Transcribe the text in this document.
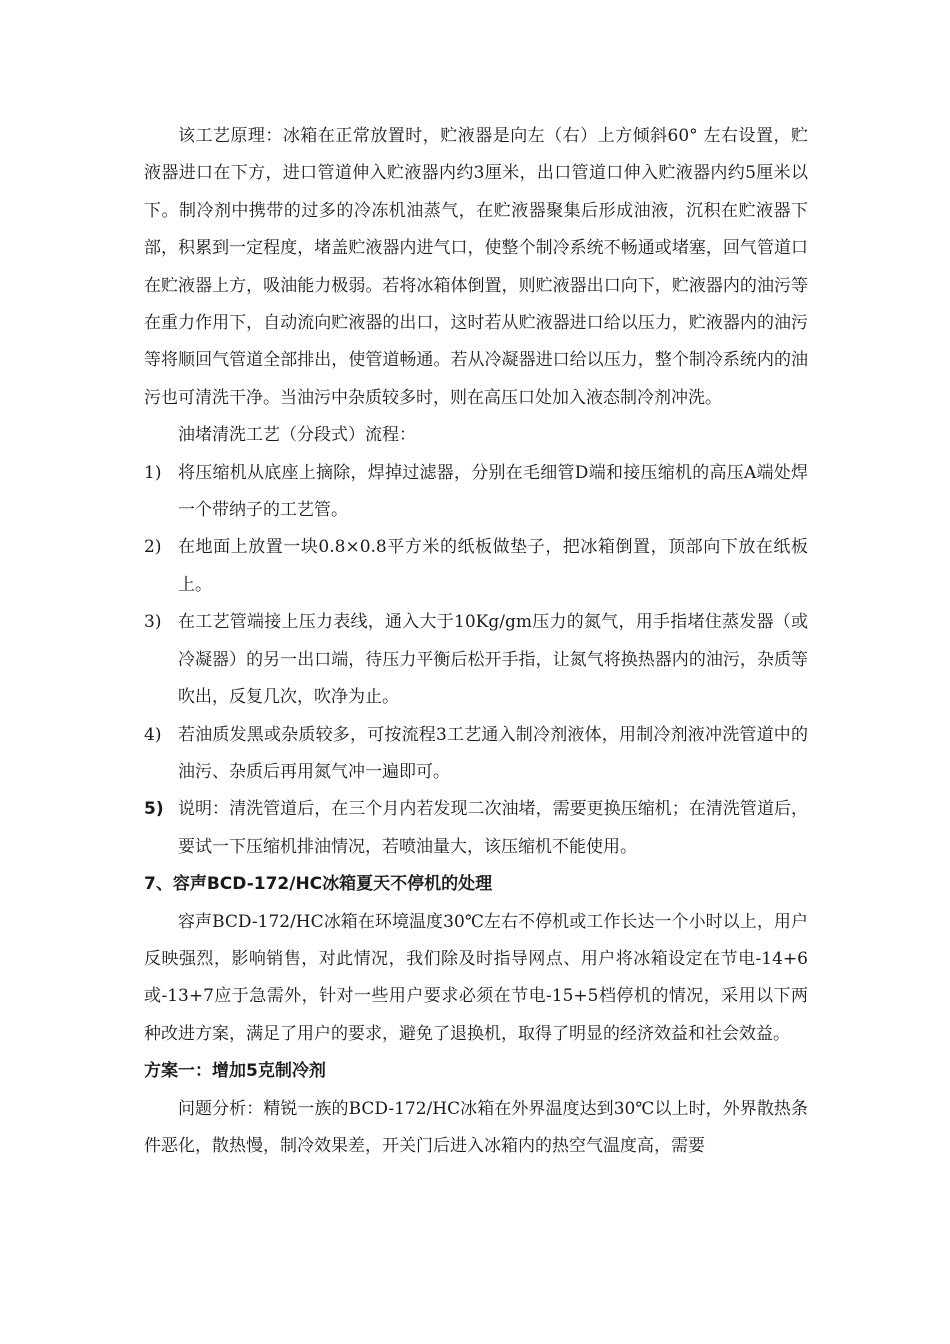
该工艺原理：冰箱在正常放置时，贮液器是向左（右）上方倾斜60° 左右设置，贮液器进口在下方，进口管道伸入贮液器内约3厘米，出口管道口伸入贮液器内约5厘米以下。制冷剂中携带的过多的冷冻机油蒸气，在贮液器聚集后形成油液，沉积在贮液器下部，积累到一定程度，堵盖贮液器内进气口，使整个制冷系统不畅通或堵塞，回气管道口在贮液器上方，吸油能力极弱。若将冰箱体倒置，则贮液器出口向下，贮液器内的油污等在重力作用下，自动流向贮液器的出口，这时若从贮液器进口给以压力，贮液器内的油污等将顺回气管道全部排出，使管道畅通。若从冷凝器进口给以压力，整个制冷系统内的油污也可清洗干净。当油污中杂质较多时，则在高压口处加入液态制冷剂冲洗。

油堵清洗工艺（分段式）流程：

1) 将压缩机从底座上摘除，焊掉过滤器，分别在毛细管D端和接压缩机的高压A端处焊一个带纳子的工艺管。
2) 在地面上放置一块0.8×0.8平方米的纸板做垫子，把冰箱倒置，顶部向下放在纸板上。
3) 在工艺管端接上压力表线，通入大于10Kg/gm压力的氮气，用手指堵住蒸发器（或冷凝器）的另一出口端，待压力平衡后松开手指，让氮气将换热器内的油污，杂质等吹出，反复几次，吹净为止。
4) 若油质发黑或杂质较多，可按流程3工艺通入制冷剂液体，用制冷剂液冲洗管道中的油污、杂质后再用氮气冲一遍即可。
5) 说明：清洗管道后，在三个月内若发现二次油堵，需要更换压缩机；在清洗管道后，要试一下压缩机排油情况，若喷油量大，该压缩机不能使用。
7、容声BCD-172/HC冰箱夏天不停机的处理

容声BCD-172/HC冰箱在环境温度30℃左右不停机或工作长达一个小时以上，用户反映强烈，影响销售，对此情况，我们除及时指导网点、用户将冰箱设定在节电-14+6或-13+7应于急需外，针对一些用户要求必须在节电-15+5档停机的情况，采用以下两种改进方案，满足了用户的要求，避免了退换机，取得了明显的经济效益和社会效益。

方案一：增加5克制冷剂

问题分析：精锐一族的BCD-172/HC冰箱在外界温度达到30℃以上时，外界散热条件恶化，散热慢，制冷效果差，开关门后进入冰箱内的热空气温度高，需要
